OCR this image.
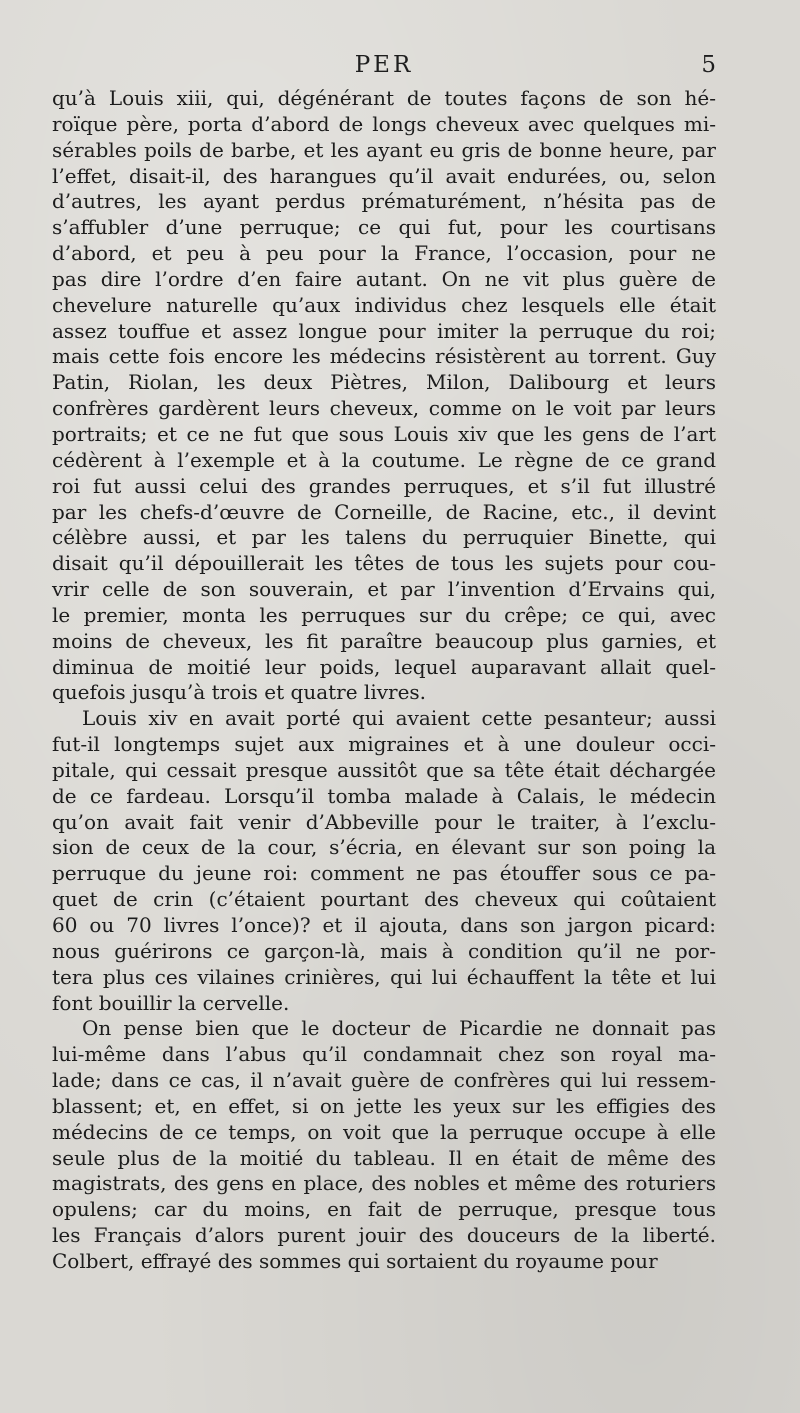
PER	5
qu’à Louis xiii, qui, dégénérant de toutes façons de son hé-
roïque père, porta d’abord de longs cheveux avec quelques mi-
sérables poils de barbe, et les ayant eu gris de bonne heure, par
l’effet, disait-il, des harangues qu’il avait endurées, ou, selon
d’autres, les ayant perdus prématurément, n’hésita pas de
s’affubler d’une perruque; ce qui fut, pour les courtisans
d’abord, et peu à peu pour la France, l’occasion, pour ne
pas dire l’ordre d’en faire autant. On ne vit plus guère de
chevelure naturelle qu’aux individus chez lesquels elle était
assez touffue et assez longue pour imiter la perruque du roi;
mais cette fois encore les médecins résistèrent au torrent. Guy
Patin, Riolan, les deux Piètres, Milon, Dalibourg et leurs
confrères gardèrent leurs cheveux, comme on le voit par leurs
portraits; et ce ne fut que sous Louis xiv que les gens de l’art
cédèrent à l’exemple et à la coutume. Le règne de ce grand
roi fut aussi celui des grandes perruques, et s’il fut illustré
par les chefs-d’œuvre de Corneille, de Racine, etc., il devint
célèbre aussi, et par les talens du perruquier Binette, qui
disait qu’il dépouillerait les têtes de tous les sujets pour cou-
vrir celle de son souverain, et par l’invention d’Ervains qui,
le premier, monta les perruques sur du crêpe; ce qui, avec
moins de cheveux, les fit paraître beaucoup plus garnies, et
diminua de moitié leur poids, lequel auparavant allait quel-
quefois jusqu’à trois et quatre livres.
Louis xiv en avait porté qui avaient cette pesanteur; aussi
fut-il longtemps sujet aux migraines et à une douleur occi-
pitale, qui cessait presque aussitôt que sa tête était déchargée
de ce fardeau. Lorsqu’il tomba malade à Calais, le médecin
qu’on avait fait venir d’Abbeville pour le traiter, à l’exclu-
sion de ceux de la cour, s’écria, en élevant sur son poing la
perruque du jeune roi: comment ne pas étouffer sous ce pa-
quet de crin (c’étaient pourtant des cheveux qui coûtaient
60 ou 70 livres l’once)? et il ajouta, dans son jargon picard:
nous guérirons ce garçon-là, mais à condition qu’il ne por-
tera plus ces vilaines crinières, qui lui échauffent la tête et lui
font bouillir la cervelle.
On pense bien que le docteur de Picardie ne donnait pas
lui-même dans l’abus qu’il condamnait chez son royal ma-
lade; dans ce cas, il n’avait guère de confrères qui lui ressem-
blassent; et, en effet, si on jette les yeux sur les effigies des
médecins de ce temps, on voit que la perruque occupe à elle
seule plus de la moitié du tableau. Il en était de même des
magistrats, des gens en place, des nobles et même des roturiers
opulens; car du moins, en fait de perruque, presque tous
les Français d’alors purent jouir des douceurs de la liberté.
Colbert, effrayé des sommes qui sortaient du royaume pour
